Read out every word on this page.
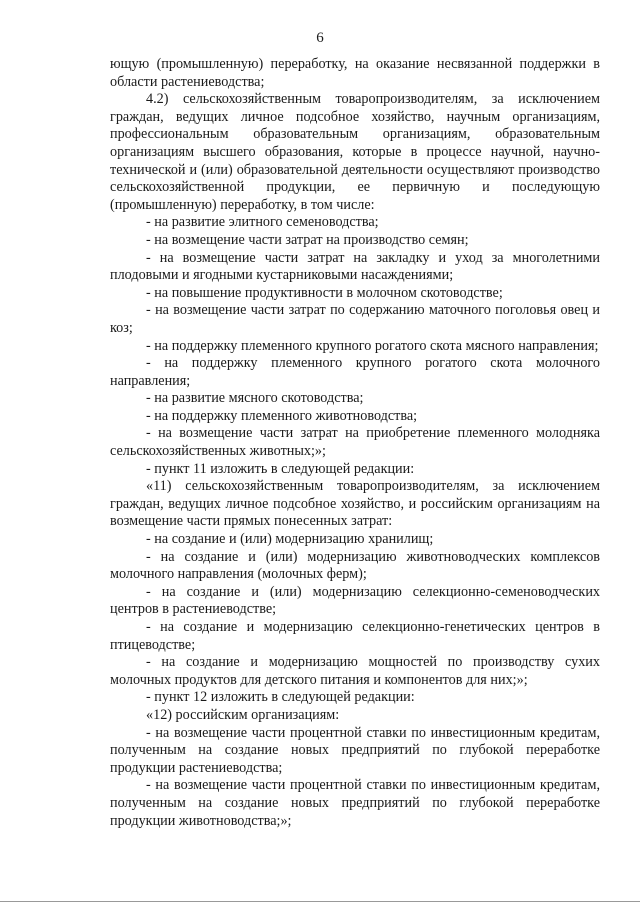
6

ющую (промышленную) переработку, на оказание несвязанной поддержки в области растениеводства;

4.2) сельскохозяйственным товаропроизводителям, за исключением граждан, ведущих личное подсобное хозяйство, научным организациям, профессиональным образовательным организациям, образовательным организациям высшего образования, которые в процессе научной, научно-технической и (или) образовательной деятельности осуществляют производство сельскохозяйственной продукции, ее первичную и последующую (промышленную) переработку, в том числе:

- на развитие элитного семеноводства;

- на возмещение части затрат на производство семян;

- на возмещение части затрат на закладку и уход за многолетними плодовыми и ягодными кустарниковыми насаждениями;

- на повышение продуктивности в молочном скотоводстве;

- на возмещение части затрат по содержанию маточного поголовья овец и коз;

- на поддержку племенного крупного рогатого скота мясного направления;

- на поддержку племенного крупного рогатого скота молочного направления;

- на развитие мясного скотоводства;

- на поддержку племенного животноводства;

- на возмещение части затрат на приобретение племенного молодняка сельскохозяйственных животных;»;

- пункт 11 изложить в следующей редакции:

«11) сельскохозяйственным товаропроизводителям, за исключением граждан, ведущих личное подсобное хозяйство, и российским организациям на возмещение части прямых понесенных затрат:

- на создание и (или) модернизацию хранилищ;

- на создание и (или) модернизацию животноводческих комплексов молочного направления (молочных ферм);

- на создание и (или) модернизацию селекционно-семеноводческих центров в растениеводстве;

- на создание и модернизацию селекционно-генетических центров в птицеводстве;

- на создание и модернизацию мощностей по производству сухих молочных продуктов для детского питания и компонентов для них;»;

- пункт 12 изложить в следующей редакции:

«12) российским организациям:

- на возмещение части процентной ставки по инвестиционным кредитам, полученным на создание новых предприятий по глубокой переработке продукции растениеводства;

- на возмещение части процентной ставки по инвестиционным кредитам, полученным на создание новых предприятий по глубокой переработке продукции животноводства;»;
